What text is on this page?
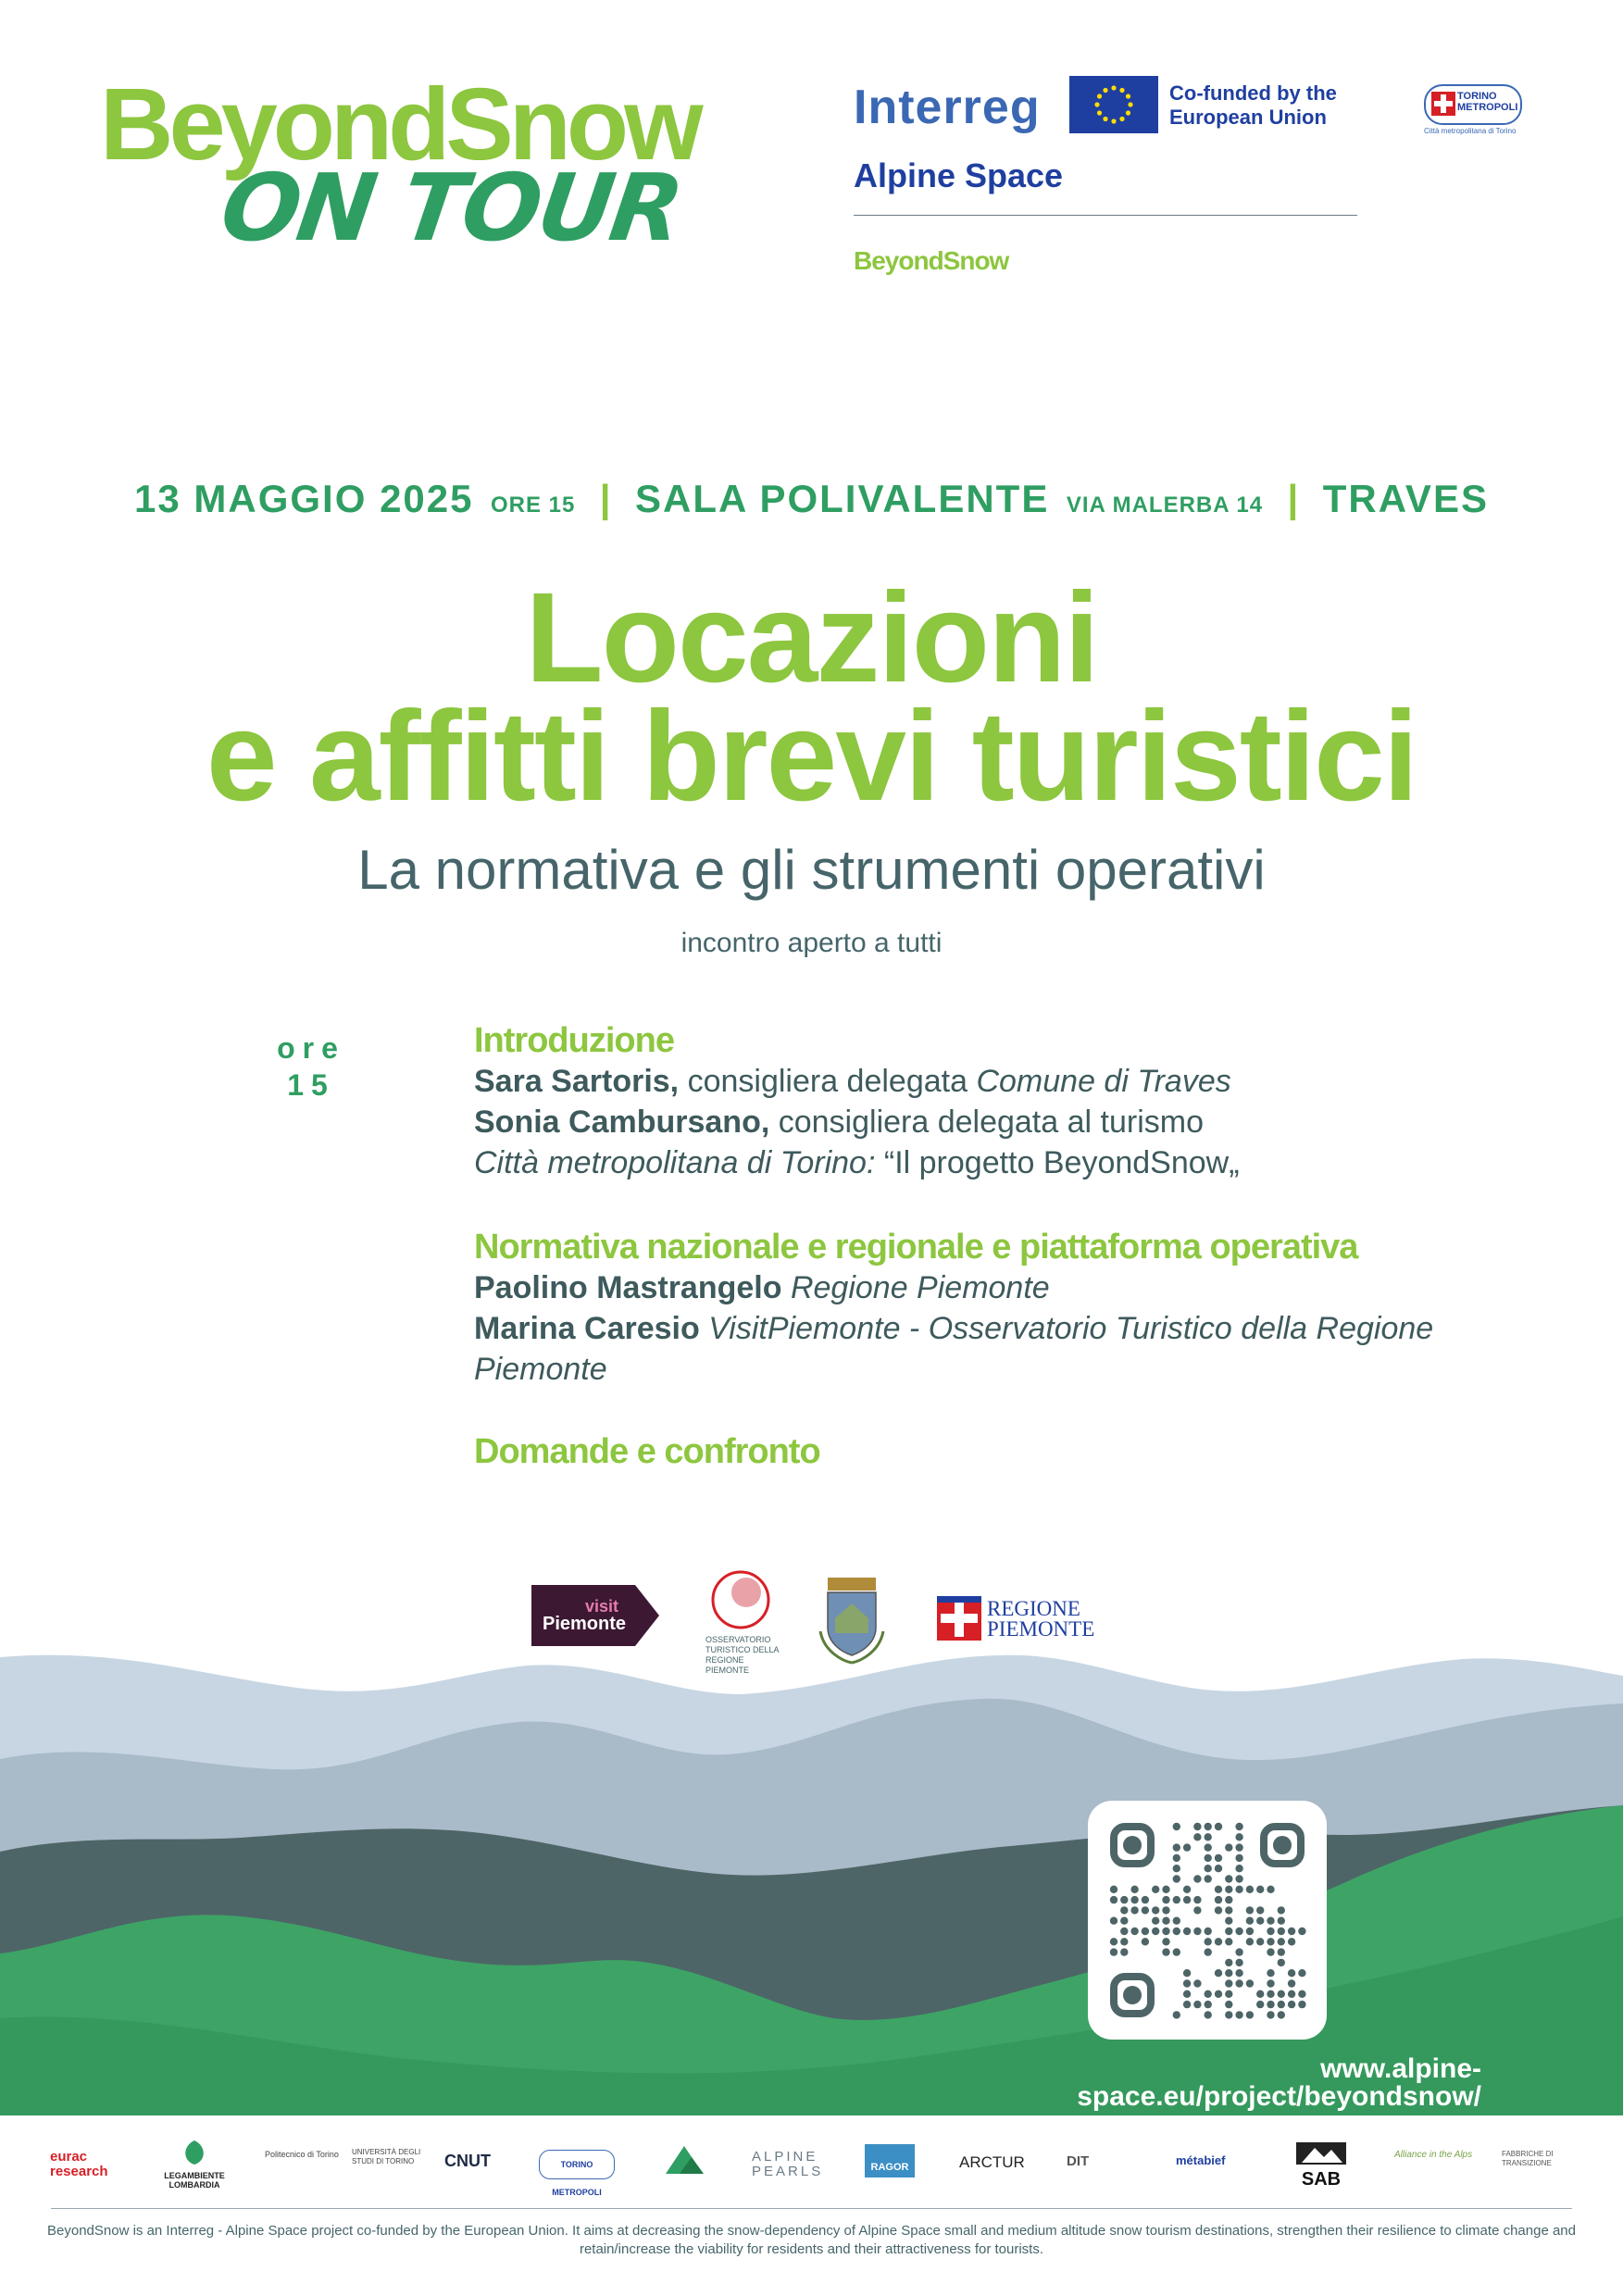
BeyondSnow
ON TOUR
Interreg	Co-funded by the European Union
Alpine Space
BeyondSnow
TORINO METROPOLI
Città metropolitana di Torino
13 MAGGIO 2025 ORE 15 | SALA POLIVALENTE VIA MALERBA 14 | TRAVES
Locazioni
e affitti brevi turistici
La normativa e gli strumenti operativi
incontro aperto a tutti
ore
15
Introduzione
Sara Sartoris, consigliera delegata Comune di Traves
Sonia Cambursano, consigliera delegata al turismo
Città metropolitana di Torino: “Il progetto BeyondSnow„
Normativa nazionale e regionale e piattaforma operativa
Paolino Mastrangelo Regione Piemonte
Marina Caresio VisitPiemonte - Osservatorio Turistico della Regione Piemonte
Domande e confronto
visit
Piemonte
OSSERVATORIO TURISTICO DELLA REGIONE PIEMONTE
REGIONE
PIEMONTE
www.alpine-space.eu/project/beyondsnow/
eurac research	LEGAMBIENTE LOMBARDIA
Politecnico di Torino	UNIVERSITÀ DEGLI STUDI DI TORINO	CNUT	TORINO METROPOLI
ALPINE PEARLS	RAGOR	ARCTUR	DIT	métabief
SAB
Alliance in the Alps	FABBRICHE DI TRANSIZIONE
BeyondSnow is an Interreg - Alpine Space project co-funded by the European Union. It aims at decreasing the snow-dependency of Alpine Space small and medium altitude snow tourism destinations, strengthen their resilience to climate change and retain/increase the viability for residents and their attractiveness for tourists.
